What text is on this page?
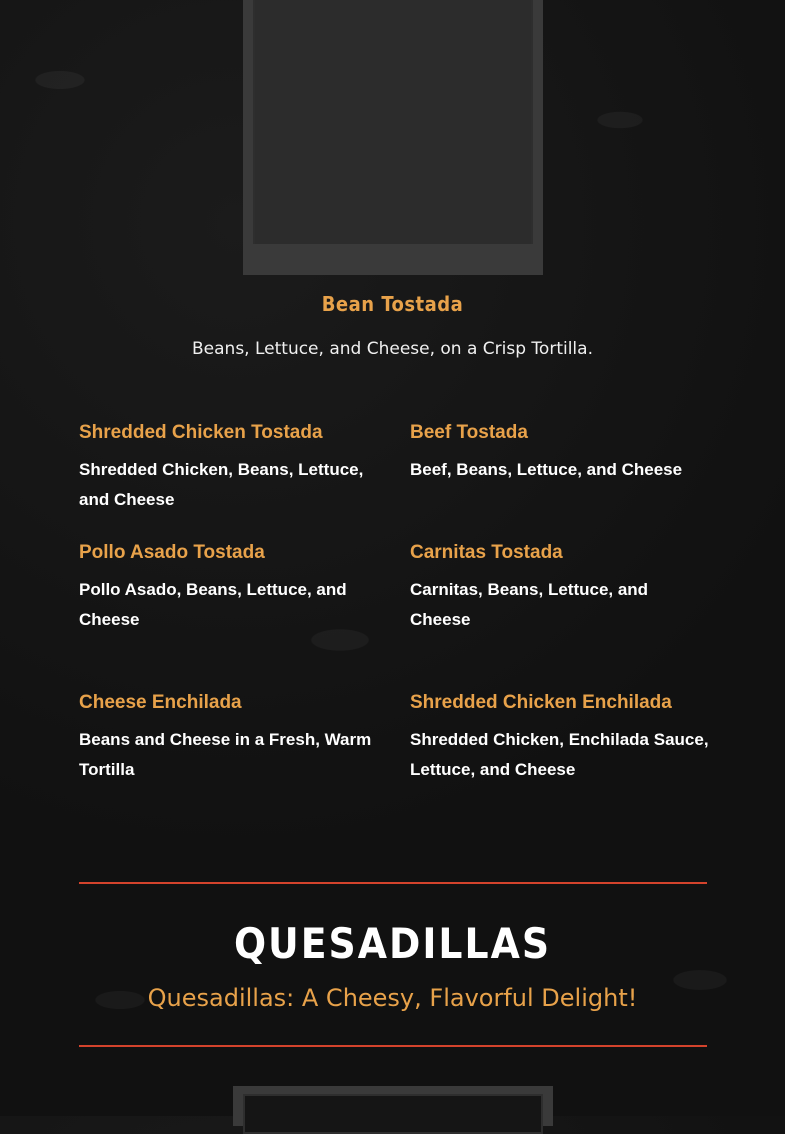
Bean Tostada
Beans, Lettuce, and Cheese, on a Crisp Tortilla.
Shredded Chicken Tostada
Shredded Chicken, Beans, Lettuce, and Cheese
Beef Tostada
Beef, Beans, Lettuce, and Cheese
Pollo Asado Tostada
Pollo Asado, Beans, Lettuce, and Cheese
Carnitas Tostada
Carnitas, Beans, Lettuce, and Cheese
Cheese Enchilada
Beans and Cheese in a Fresh, Warm Tortilla
Shredded Chicken Enchilada
Shredded Chicken, Enchilada Sauce, Lettuce, and Cheese
QUESADILLAS
Quesadillas: A Cheesy, Flavorful Delight!
